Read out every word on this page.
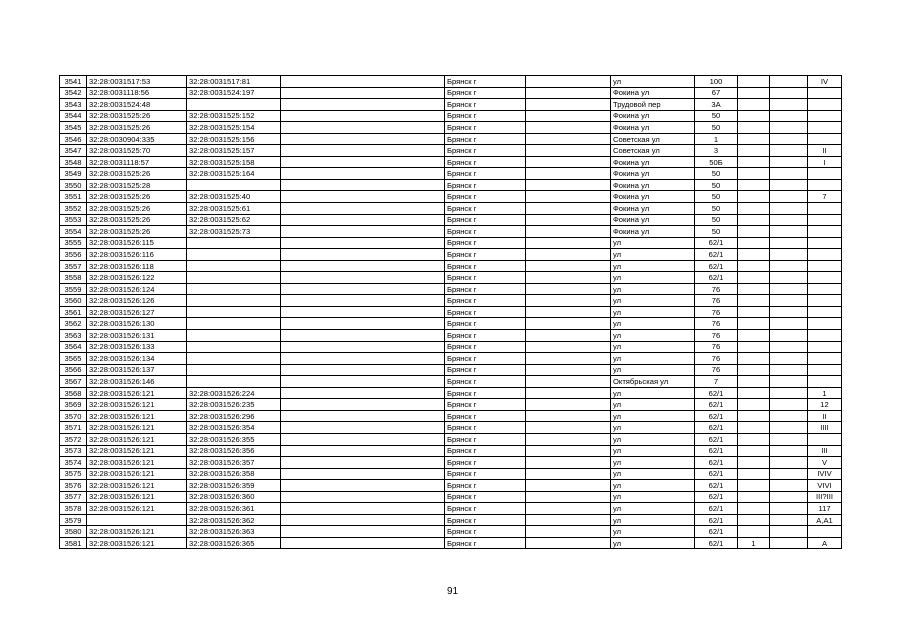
3541	32:28:0031517:53	32:28:0031517:81		Брянск г		ул	100			IV
3542	32:28:0031118:56	32:28:0031524:197		Брянск г		Фокина ул	67			
3543	32:28:0031524:48			Брянск г		Трудовой пер	3А			
3544	32:28:0031525:26	32:28:0031525:152		Брянск г		Фокина ул	50			
3545	32:28:0031525:26	32:28:0031525:154		Брянск г		Фокина ул	50			
3546	32:28:0030904:335	32:28:0031525:156		Брянск г		Советская ул	1			
3547	32:28:0031525:70	32:28:0031525:157		Брянск г		Советская ул	3			II
3548	32:28:0031118:57	32:28:0031525:158		Брянск г		Фокина ул	50Б			I
3549	32:28:0031525:26	32:28:0031525:164		Брянск г		Фокина ул	50			
3550	32:28:0031525:28			Брянск г		Фокина ул	50			
3551	32:28:0031525:26	32:28:0031525:40		Брянск г		Фокина ул	50			7
3552	32:28:0031525:26	32:28:0031525:61		Брянск г		Фокина ул	50			
3553	32:28:0031525:26	32:28:0031525:62		Брянск г		Фокина ул	50			
3554	32:28:0031525:26	32:28:0031525:73		Брянск г		Фокина ул	50			
3555	32:28:0031526:115			Брянск г		ул	62/1			
3556	32:28:0031526:116			Брянск г		ул	62/1			
3557	32:28:0031526:118			Брянск г		ул	62/1			
3558	32:28:0031526:122			Брянск г		ул	62/1			
3559	32:28:0031526:124			Брянск г		ул	76			
3560	32:28:0031526:126			Брянск г		ул	76			
3561	32:28:0031526:127			Брянск г		ул	76			
3562	32:28:0031526:130			Брянск г		ул	76			
3563	32:28:0031526:131			Брянск г		ул	76			
3564	32:28:0031526:133			Брянск г		ул	76			
3565	32:28:0031526:134			Брянск г		ул	76			
3566	32:28:0031526:137			Брянск г		ул	76			
3567	32:28:0031526:146			Брянск г		Октябрьская ул	7			
3568	32:28:0031526:121	32:28:0031526:224		Брянск г		ул	62/1			1
3569	32:28:0031526:121	32:28:0031526:235		Брянск г		ул	62/1			12
3570	32:28:0031526:121	32:28:0031526:296		Брянск г		ул	62/1			II
3571	32:28:0031526:121	32:28:0031526:354		Брянск г		ул	62/1			IIII
3572	32:28:0031526:121	32:28:0031526:355		Брянск г		ул	62/1			
3573	32:28:0031526:121	32:28:0031526:356		Брянск г		ул	62/1			III
3574	32:28:0031526:121	32:28:0031526:357		Брянск г		ул	62/1			V
3575	32:28:0031526:121	32:28:0031526:358		Брянск г		ул	62/1			IVIV
3576	32:28:0031526:121	32:28:0031526:359		Брянск г		ул	62/1			VIVI
3577	32:28:0031526:121	32:28:0031526:360		Брянск г		ул	62/1			III?III
3578	32:28:0031526:121	32:28:0031526:361		Брянск г		ул	62/1			117
3579		32:28:0031526:362		Брянск г		ул	62/1			А,А1
3580	32:28:0031526:121	32:28:0031526:363		Брянск г		ул	62/1			
3581	32:28:0031526:121	32:28:0031526:365		Брянск г		ул	62/1	1		А
91
